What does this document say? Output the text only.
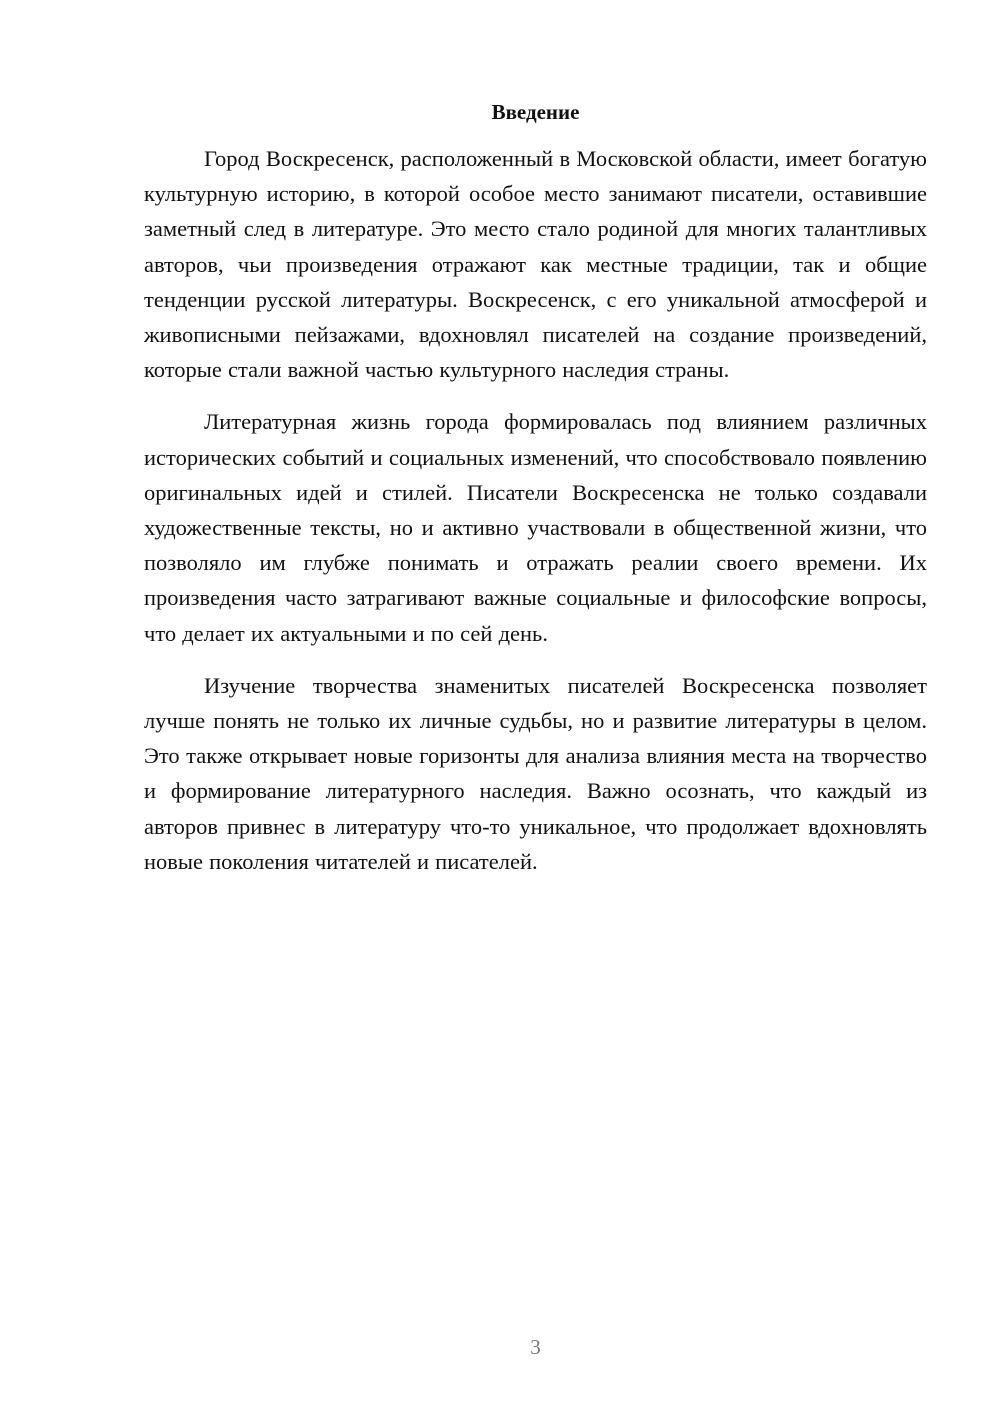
Введение

Город Воскресенск, расположенный в Московской области, имеет богатую культурную историю, в которой особое место занимают писатели, оставившие заметный след в литературе. Это место стало родиной для многих талантливых авторов, чьи произведения отражают как местные традиции, так и общие тенденции русской литературы. Воскресенск, с его уникальной атмосферой и живописными пейзажами, вдохновлял писателей на создание произведений, которые стали важной частью культурного наследия страны.

Литературная жизнь города формировалась под влиянием различных исторических событий и социальных изменений, что способствовало появлению оригинальных идей и стилей. Писатели Воскресенска не только создавали художественные тексты, но и активно участвовали в общественной жизни, что позволяло им глубже понимать и отражать реалии своего времени. Их произведения часто затрагивают важные социальные и философские вопросы, что делает их актуальными и по сей день.

Изучение творчества знаменитых писателей Воскресенска позволяет лучше понять не только их личные судьбы, но и развитие литературы в целом. Это также открывает новые горизонты для анализа влияния места на творчество и формирование литературного наследия. Важно осознать, что каждый из авторов привнес в литературу что-то уникальное, что продолжает вдохновлять новые поколения читателей и писателей.

3
